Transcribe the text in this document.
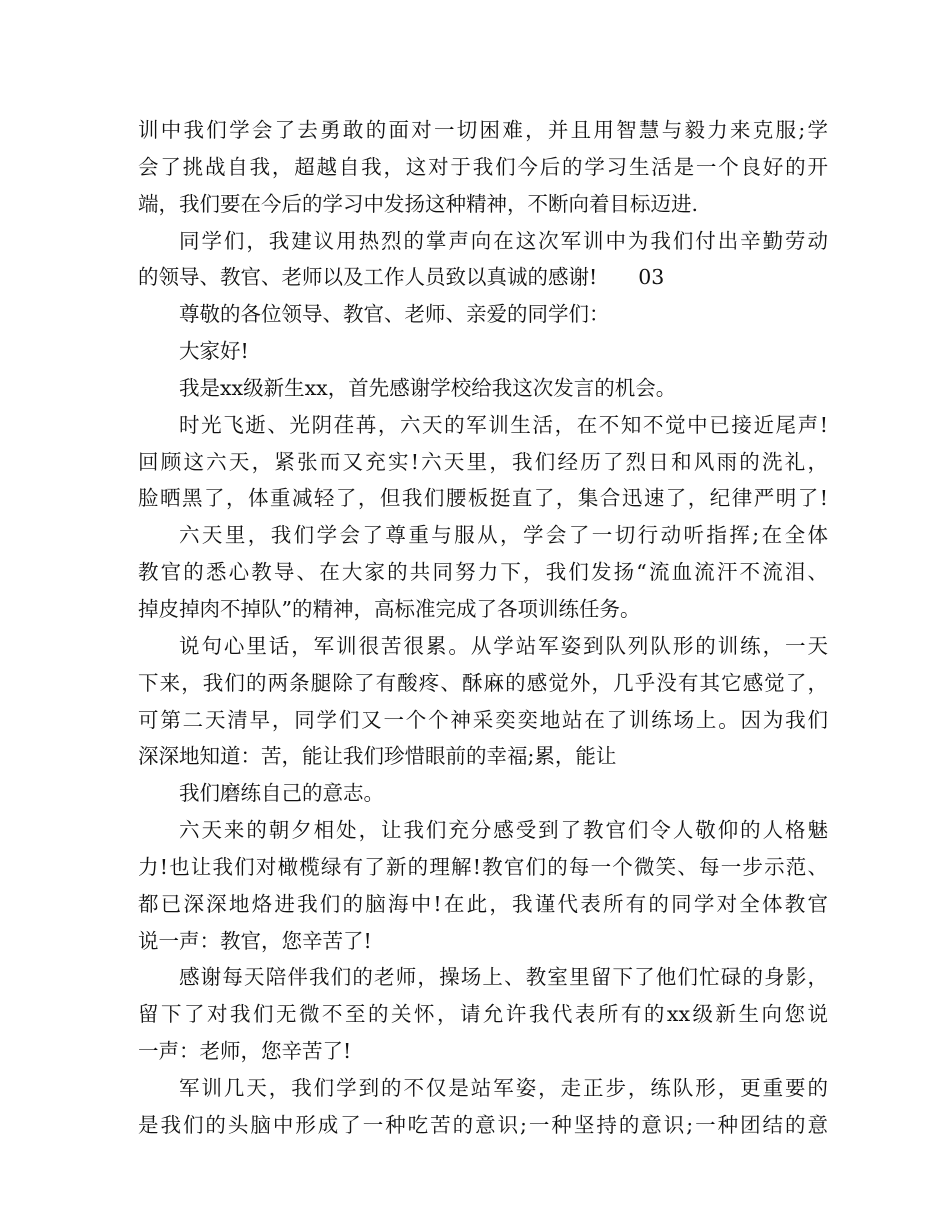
训中我们学会了去勇敢的面对一切困难，并且用智慧与毅力来克服;学
会了挑战自我，超越自我，这对于我们今后的学习生活是一个良好的开
端，我们要在今后的学习中发扬这种精神，不断向着目标迈进.
同学们，我建议用热烈的掌声向在这次军训中为我们付出辛勤劳动
的领导、教官、老师以及工作人员致以真诚的感谢!　　03
尊敬的各位领导、教官、老师、亲爱的同学们：
大家好!
我是xx级新生xx，首先感谢学校给我这次发言的机会。
时光飞逝、光阴荏苒，六天的军训生活，在不知不觉中已接近尾声!
回顾这六天，紧张而又充实!六天里，我们经历了烈日和风雨的洗礼，
脸晒黑了，体重减轻了，但我们腰板挺直了，集合迅速了，纪律严明了!
六天里，我们学会了尊重与服从，学会了一切行动听指挥;在全体
教官的悉心教导、在大家的共同努力下，我们发扬“流血流汗不流泪、
掉皮掉肉不掉队”的精神，高标准完成了各项训练任务。
说句心里话，军训很苦很累。从学站军姿到队列队形的训练，一天
下来，我们的两条腿除了有酸疼、酥麻的感觉外，几乎没有其它感觉了，
可第二天清早，同学们又一个个神采奕奕地站在了训练场上。因为我们
深深地知道：苦，能让我们珍惜眼前的幸福;累，能让
我们磨练自己的意志。
六天来的朝夕相处，让我们充分感受到了教官们令人敬仰的人格魅
力!也让我们对橄榄绿有了新的理解!教官们的每一个微笑、每一步示范、
都已深深地烙进我们的脑海中!在此，我谨代表所有的同学对全体教官
说一声：教官，您辛苦了!
感谢每天陪伴我们的老师，操场上、教室里留下了他们忙碌的身影，
留下了对我们无微不至的关怀，请允许我代表所有的xx级新生向您说
一声：老师，您辛苦了!
军训几天，我们学到的不仅是站军姿，走正步，练队形，更重要的
是我们的头脑中形成了一种吃苦的意识;一种坚持的意识;一种团结的意
